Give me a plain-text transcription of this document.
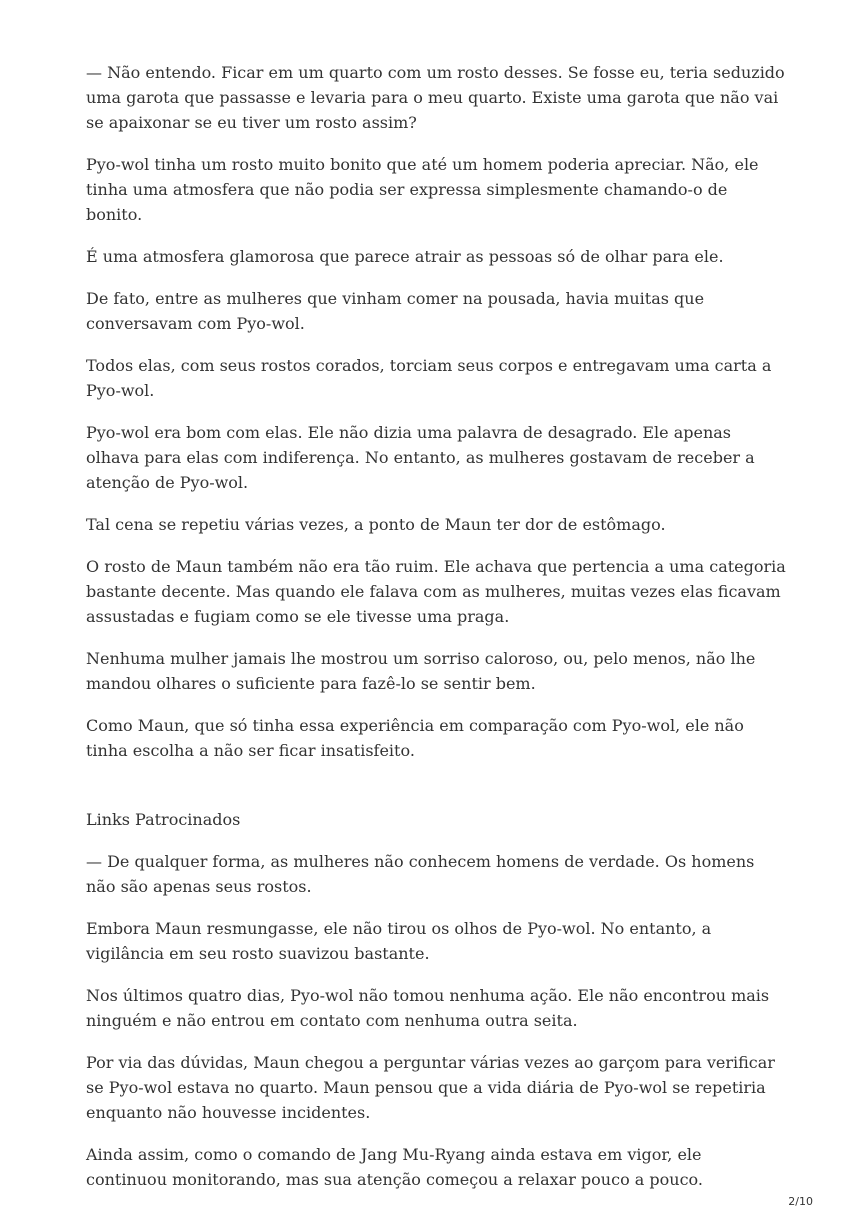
— Não entendo. Ficar em um quarto com um rosto desses. Se fosse eu, teria seduzido uma garota que passasse e levaria para o meu quarto. Existe uma garota que não vai se apaixonar se eu tiver um rosto assim?

Pyo-wol tinha um rosto muito bonito que até um homem poderia apreciar. Não, ele tinha uma atmosfera que não podia ser expressa simplesmente chamando-o de bonito.

É uma atmosfera glamorosa que parece atrair as pessoas só de olhar para ele.

De fato, entre as mulheres que vinham comer na pousada, havia muitas que conversavam com Pyo-wol.

Todos elas, com seus rostos corados, torciam seus corpos e entregavam uma carta a Pyo-wol.

Pyo-wol era bom com elas. Ele não dizia uma palavra de desagrado. Ele apenas olhava para elas com indiferença. No entanto, as mulheres gostavam de receber a atenção de Pyo-wol.

Tal cena se repetiu várias vezes, a ponto de Maun ter dor de estômago.

O rosto de Maun também não era tão ruim. Ele achava que pertencia a uma categoria bastante decente. Mas quando ele falava com as mulheres, muitas vezes elas ficavam assustadas e fugiam como se ele tivesse uma praga.

Nenhuma mulher jamais lhe mostrou um sorriso caloroso, ou, pelo menos, não lhe mandou olhares o suficiente para fazê-lo se sentir bem.

Como Maun, que só tinha essa experiência em comparação com Pyo-wol, ele não tinha escolha a não ser ficar insatisfeito.

Links Patrocinados

— De qualquer forma, as mulheres não conhecem homens de verdade. Os homens não são apenas seus rostos.

Embora Maun resmungasse, ele não tirou os olhos de Pyo-wol. No entanto, a vigilância em seu rosto suavizou bastante.

Nos últimos quatro dias, Pyo-wol não tomou nenhuma ação. Ele não encontrou mais ninguém e não entrou em contato com nenhuma outra seita.

Por via das dúvidas, Maun chegou a perguntar várias vezes ao garçom para verificar se Pyo-wol estava no quarto. Maun pensou que a vida diária de Pyo-wol se repetiria enquanto não houvesse incidentes.

Ainda assim, como o comando de Jang Mu-Ryang ainda estava em vigor, ele continuou monitorando, mas sua atenção começou a relaxar pouco a pouco.

2/10
